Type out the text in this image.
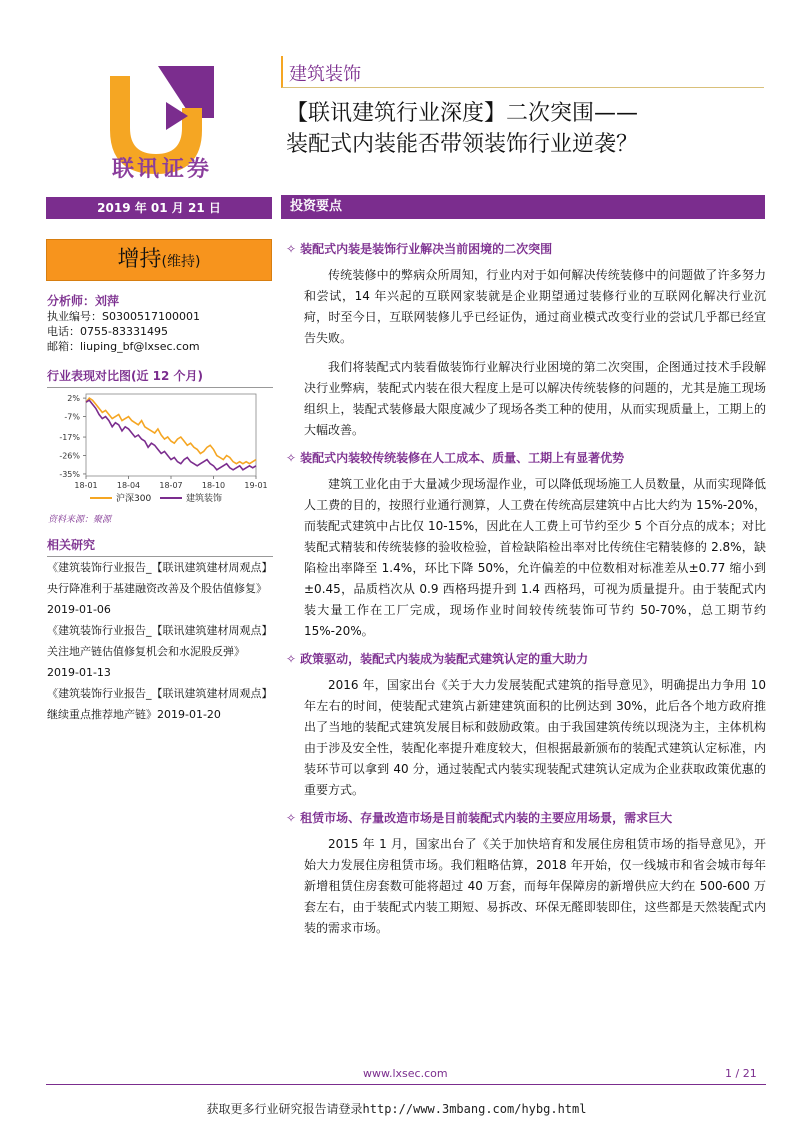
联讯证券
建筑装饰
【联讯建筑行业深度】二次突围——
装配式内装能否带领装饰行业逆袭？
2019 年 01 月 21 日	投资要点
增持(维持)
分析师：刘萍
执业编号：S0300517100001
电话：0755-83331495
邮箱：liuping_bf@lxsec.com
行业表现对比图(近 12 个月)
2%
-7%
-17%
-26%
-35%
18-01 18-04 18-07 18-10 19-01
沪深300	建筑装饰
资料来源：聚源
相关研究

《建筑装饰行业报告_【联讯建筑建材周观点】央行降准利于基建融资改善及个股估值修复》2019-01-06

《建筑装饰行业报告_【联讯建筑建材周观点】关注地产链估值修复机会和水泥股反弹》2019-01-13

《建筑装饰行业报告_【联讯建筑建材周观点】继续重点推荐地产链》2019-01-20

✧ 装配式内装是装饰行业解决当前困境的二次突围

传统装修中的弊病众所周知，行业内对于如何解决传统装修中的问题做了许多努力和尝试，14 年兴起的互联网家装就是企业期望通过装修行业的互联网化解决行业沉疴，时至今日，互联网装修儿乎已经证伪，通过商业模式改变行业的尝试几乎都已经宣告失败。

我们将装配式内装看做装饰行业解决行业困境的第二次突围，企图通过技术手段解决行业弊病，装配式内装在很大程度上是可以解决传统装修的问题的，尤其是施工现场组织上，装配式装修最大限度减少了现场各类工种的使用，从而实现质量上，工期上的大幅改善。

✧ 装配式内装较传统装修在人工成本、质量、工期上有显著优势

建筑工业化由于大量减少现场湿作业，可以降低现场施工人员数量，从而实现降低人工费的目的，按照行业通行测算，人工费在传统高层建筑中占比大约为 15%-20%，而装配式建筑中占比仅 10-15%，因此在人工费上可节约至少 5 个百分点的成本；对比装配式精装和传统装修的验收检验，首检缺陷检出率对比传统住宅精装修的 2.8%，缺陷检出率降至 1.4%，环比下降 50%，允许偏差的中位数相对标准差从±0.77 缩小到±0.45，品质档次从 0.9 西格玛提升到 1.4 西格玛，可视为质量提升。由于装配式内装大量工作在工厂完成，现场作业时间较传统装饰可节约 50-70%，总工期节约 15%-20%。

✧ 政策驱动，装配式内装成为装配式建筑认定的重大助力

2016 年，国家出台《关于大力发展装配式建筑的指导意见》，明确提出力争用 10 年左右的时间，使装配式建筑占新建建筑面积的比例达到 30%，此后各个地方政府推出了当地的装配式建筑发展目标和鼓励政策。由于我国建筑传统以现浇为主，主体机构由于涉及安全性，装配化率提升难度较大，但根据最新颁布的装配式建筑认定标准，内装环节可以拿到 40 分，通过装配式内装实现装配式建筑认定成为企业获取政策优惠的重要方式。

✧ 租赁市场、存量改造市场是目前装配式内装的主要应用场景，需求巨大

2015 年 1 月，国家出台了《关于加快培育和发展住房租赁市场的指导意见》，开始大力发展住房租赁市场。我们粗略估算，2018 年开始，仅一线城市和省会城市每年新增租赁住房套数可能将超过 40 万套，而每年保障房的新增供应大约在 500-600 万套左右，由于装配式内装工期短、易拆改、环保无醛即装即住，这些都是天然装配式内装的需求市场。

www.lxsec.com	1 / 21
获取更多行业研究报告请登录http://www.3mbang.com/hybg.html
